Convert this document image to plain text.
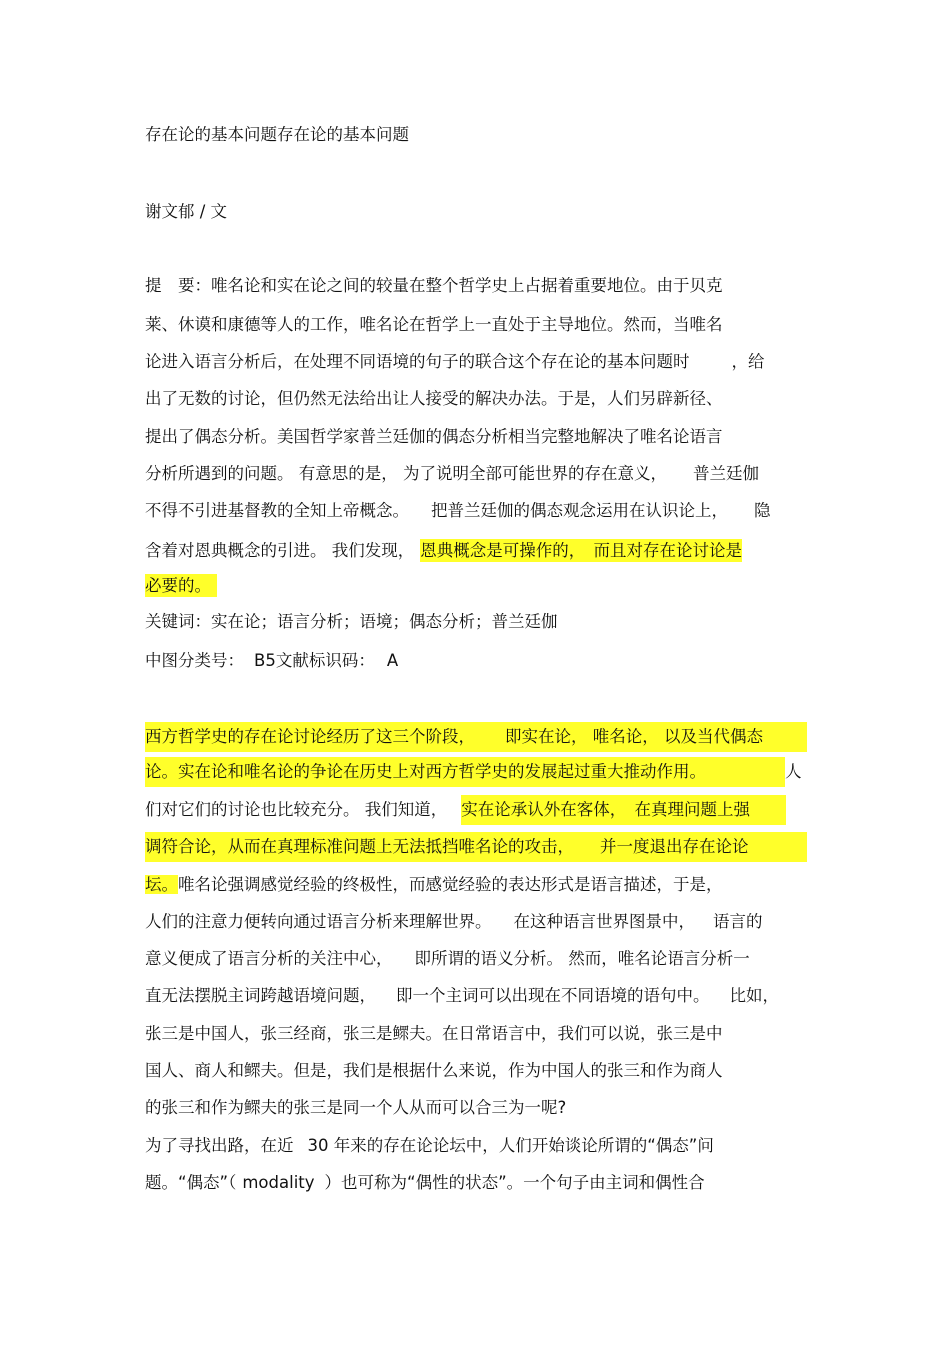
存在论的基本问题存在论的基本问题
谢文郁 / 文
提　要：唯名论和实在论之间的较量在整个哲学史上占据着重要地位。由于贝克
莱、休谟和康德等人的工作，唯名论在哲学上一直处于主导地位。然而，当唯名
论进入语言分析后，在处理不同语境的句子的联合这个存在论的基本问题时	，给
出了无数的讨论，但仍然无法给出让人接受的解决办法。于是，人们另辟新径、
提出了偶态分析。美国哲学家普兰廷伽的偶态分析相当完整地解决了唯名论语言
分析所遇到的问题。 有意思的是， 为了说明全部可能世界的存在意义， 普兰廷伽
不得不引进基督教的全知上帝概念。 把普兰廷伽的偶态观念运用在认识论上， 隐
含着对恩典概念的引进。 我们发现， 恩典概念是可操作的，　而且对存在论讨论是
必要的。
关键词：实在论；语言分析；语境；偶态分析；普兰廷伽
中图分类号： B5文献标识码： A
西方哲学史的存在论讨论经历了这三个阶段， 即实在论， 唯名论， 以及当代偶态
论。实在论和唯名论的争论在历史上对西方哲学史的发展起过重大推动作用。	人
们对它们的讨论也比较充分。 我们知道， 实在论承认外在客体，　在真理问题上强
调符合论，从而在真理标准问题上无法抵挡唯名论的攻击， 并一度退出存在论论
坛。唯名论强调感觉经验的终极性，而感觉经验的表达形式是语言描述，于是，
人们的注意力便转向通过语言分析来理解世界。 在这种语言世界图景中， 语言的
意义便成了语言分析的关注中心， 即所谓的语义分析。 然而，唯名论语言分析一
直无法摆脱主词跨越语境问题， 即一个主词可以出现在不同语境的语句中。 比如，
张三是中国人，张三经商，张三是鳏夫。在日常语言中，我们可以说，张三是中
国人、商人和鳏夫。但是，我们是根据什么来说，作为中国人的张三和作为商人
的张三和作为鳏夫的张三是同一个人从而可以合三为一呢?
为了寻找出路，在近 30 年来的存在论论坛中，人们开始谈论所谓的“偶态”问
题。“偶态”（ modality ）也可称为“偶性的状态”。一个句子由主词和偶性合
